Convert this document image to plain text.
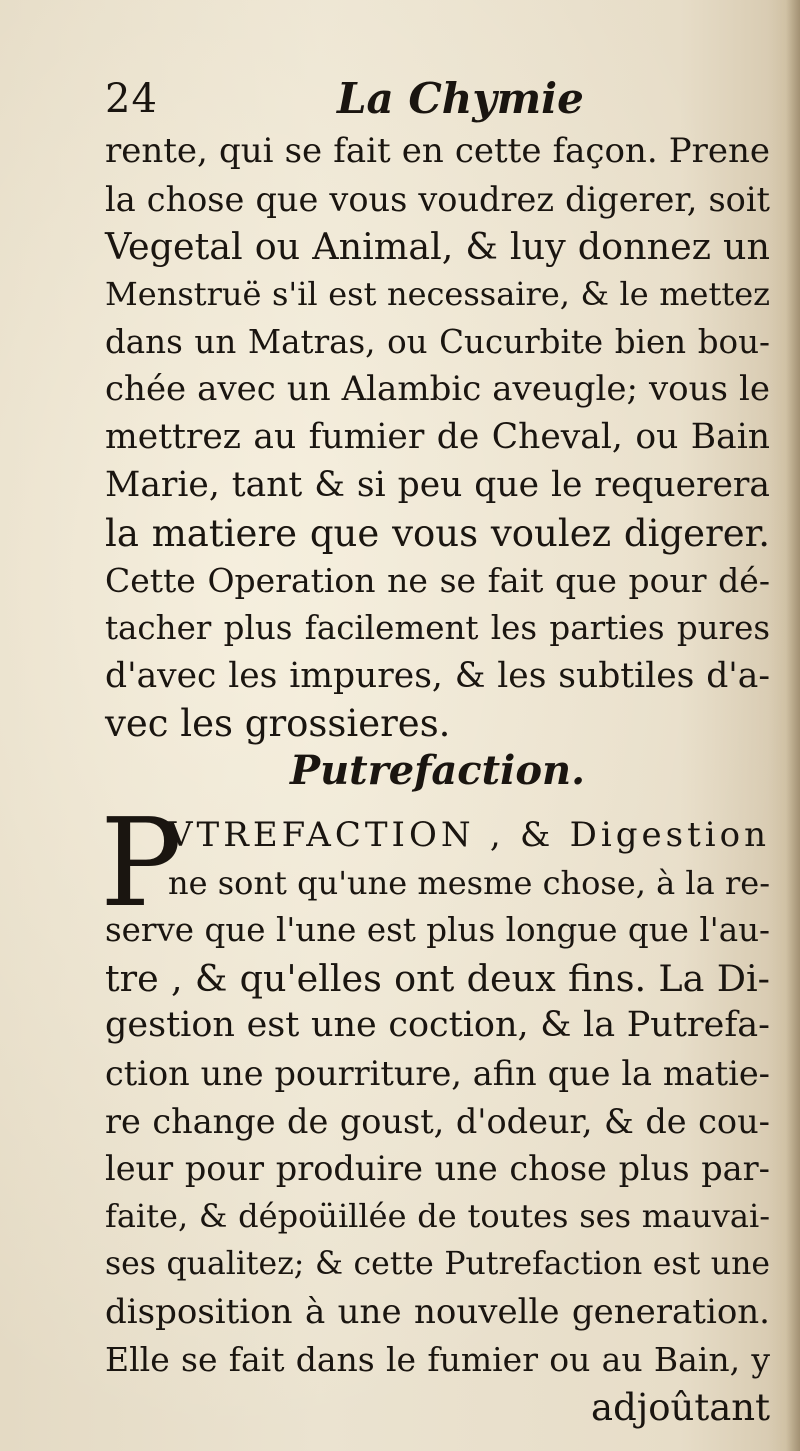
24	La Chymie
rente, qui se fait en cette façon. Prene
la chose que vous voudrez digerer, soit
Vegetal ou Animal, & luy donnez un
Menstruë s'il est necessaire, & le mettez
dans un Matras, ou Cucurbite bien bou-
chée avec un Alambic aveugle; vous le
mettrez au fumier de Cheval, ou Bain
Marie, tant & si peu que le requerera
la matiere que vous voulez digerer.
Cette Operation ne se fait que pour dé-
tacher plus facilement les parties pures
d'avec les impures, & les subtiles d'a-
vec les grossieres.
Putrefaction.
P
VTREFACTION , & Digestion
ne sont qu'une mesme chose, à la re-
serve que l'une est plus longue que l'au-
tre , & qu'elles ont deux fins. La Di-
gestion est une coction, & la Putrefa-
ction une pourriture, afin que la matie-
re change de goust, d'odeur, & de cou-
leur pour produire une chose plus par-
faite, & dépoüillée de toutes ses mauvai-
ses qualitez; & cette Putrefaction est une
disposition à une nouvelle generation.
Elle se fait dans le fumier ou au Bain, y
adjoûtant
